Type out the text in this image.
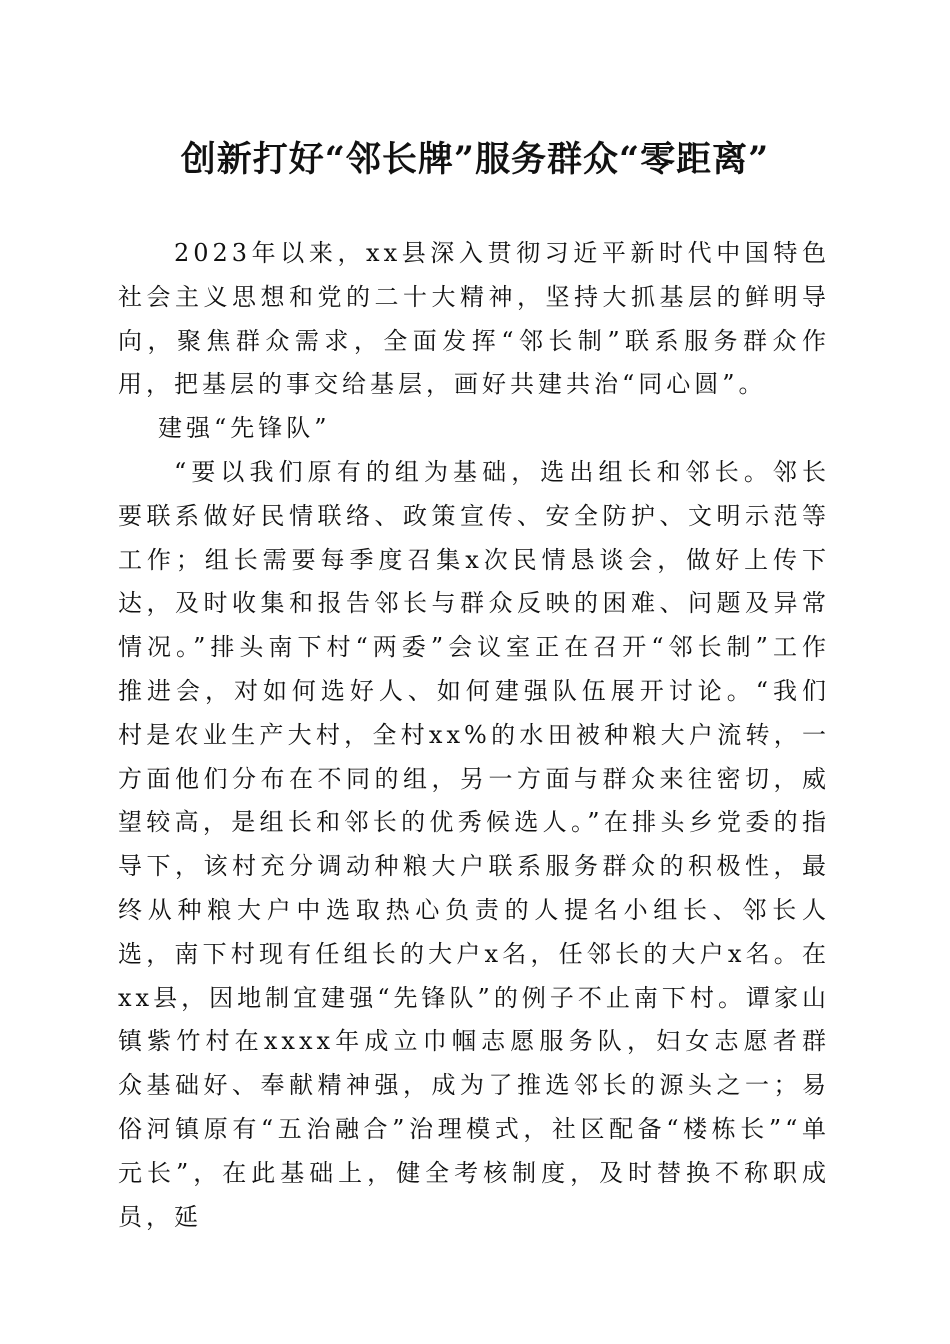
创新打好“邻长牌”服务群众“零距离”

2023年以来，xx县深入贯彻习近平新时代中国特色社会主义思想和党的二十大精神，坚持大抓基层的鲜明导向，聚焦群众需求，全面发挥“邻长制”联系服务群众作用，把基层的事交给基层，画好共建共治“同心圆”。

建强“先锋队”

“要以我们原有的组为基础，选出组长和邻长。邻长要联系做好民情联络、政策宣传、安全防护、文明示范等工作；组长需要每季度召集x次民情恳谈会，做好上传下达，及时收集和报告邻长与群众反映的困难、问题及异常情况。”排头南下村“两委”会议室正在召开“邻长制”工作推进会，对如何选好人、如何建强队伍展开讨论。“我们村是农业生产大村，全村xx%的水田被种粮大户流转，一方面他们分布在不同的组，另一方面与群众来往密切，威望较高，是组长和邻长的优秀候选人。”在排头乡党委的指导下，该村充分调动种粮大户联系服务群众的积极性，最终从种粮大户中选取热心负责的人提名小组长、邻长人选，南下村现有任组长的大户x名，任邻长的大户x名。在xx县，因地制宜建强“先锋队”的例子不止南下村。谭家山镇紫竹村在xxxx年成立巾帼志愿服务队，妇女志愿者群众基础好、奉献精神强，成为了推选邻长的源头之一；易俗河镇原有“五治融合”治理模式，社区配备“楼栋长”“单元长”，在此基础上，健全考核制度，及时替换不称职成员，延
